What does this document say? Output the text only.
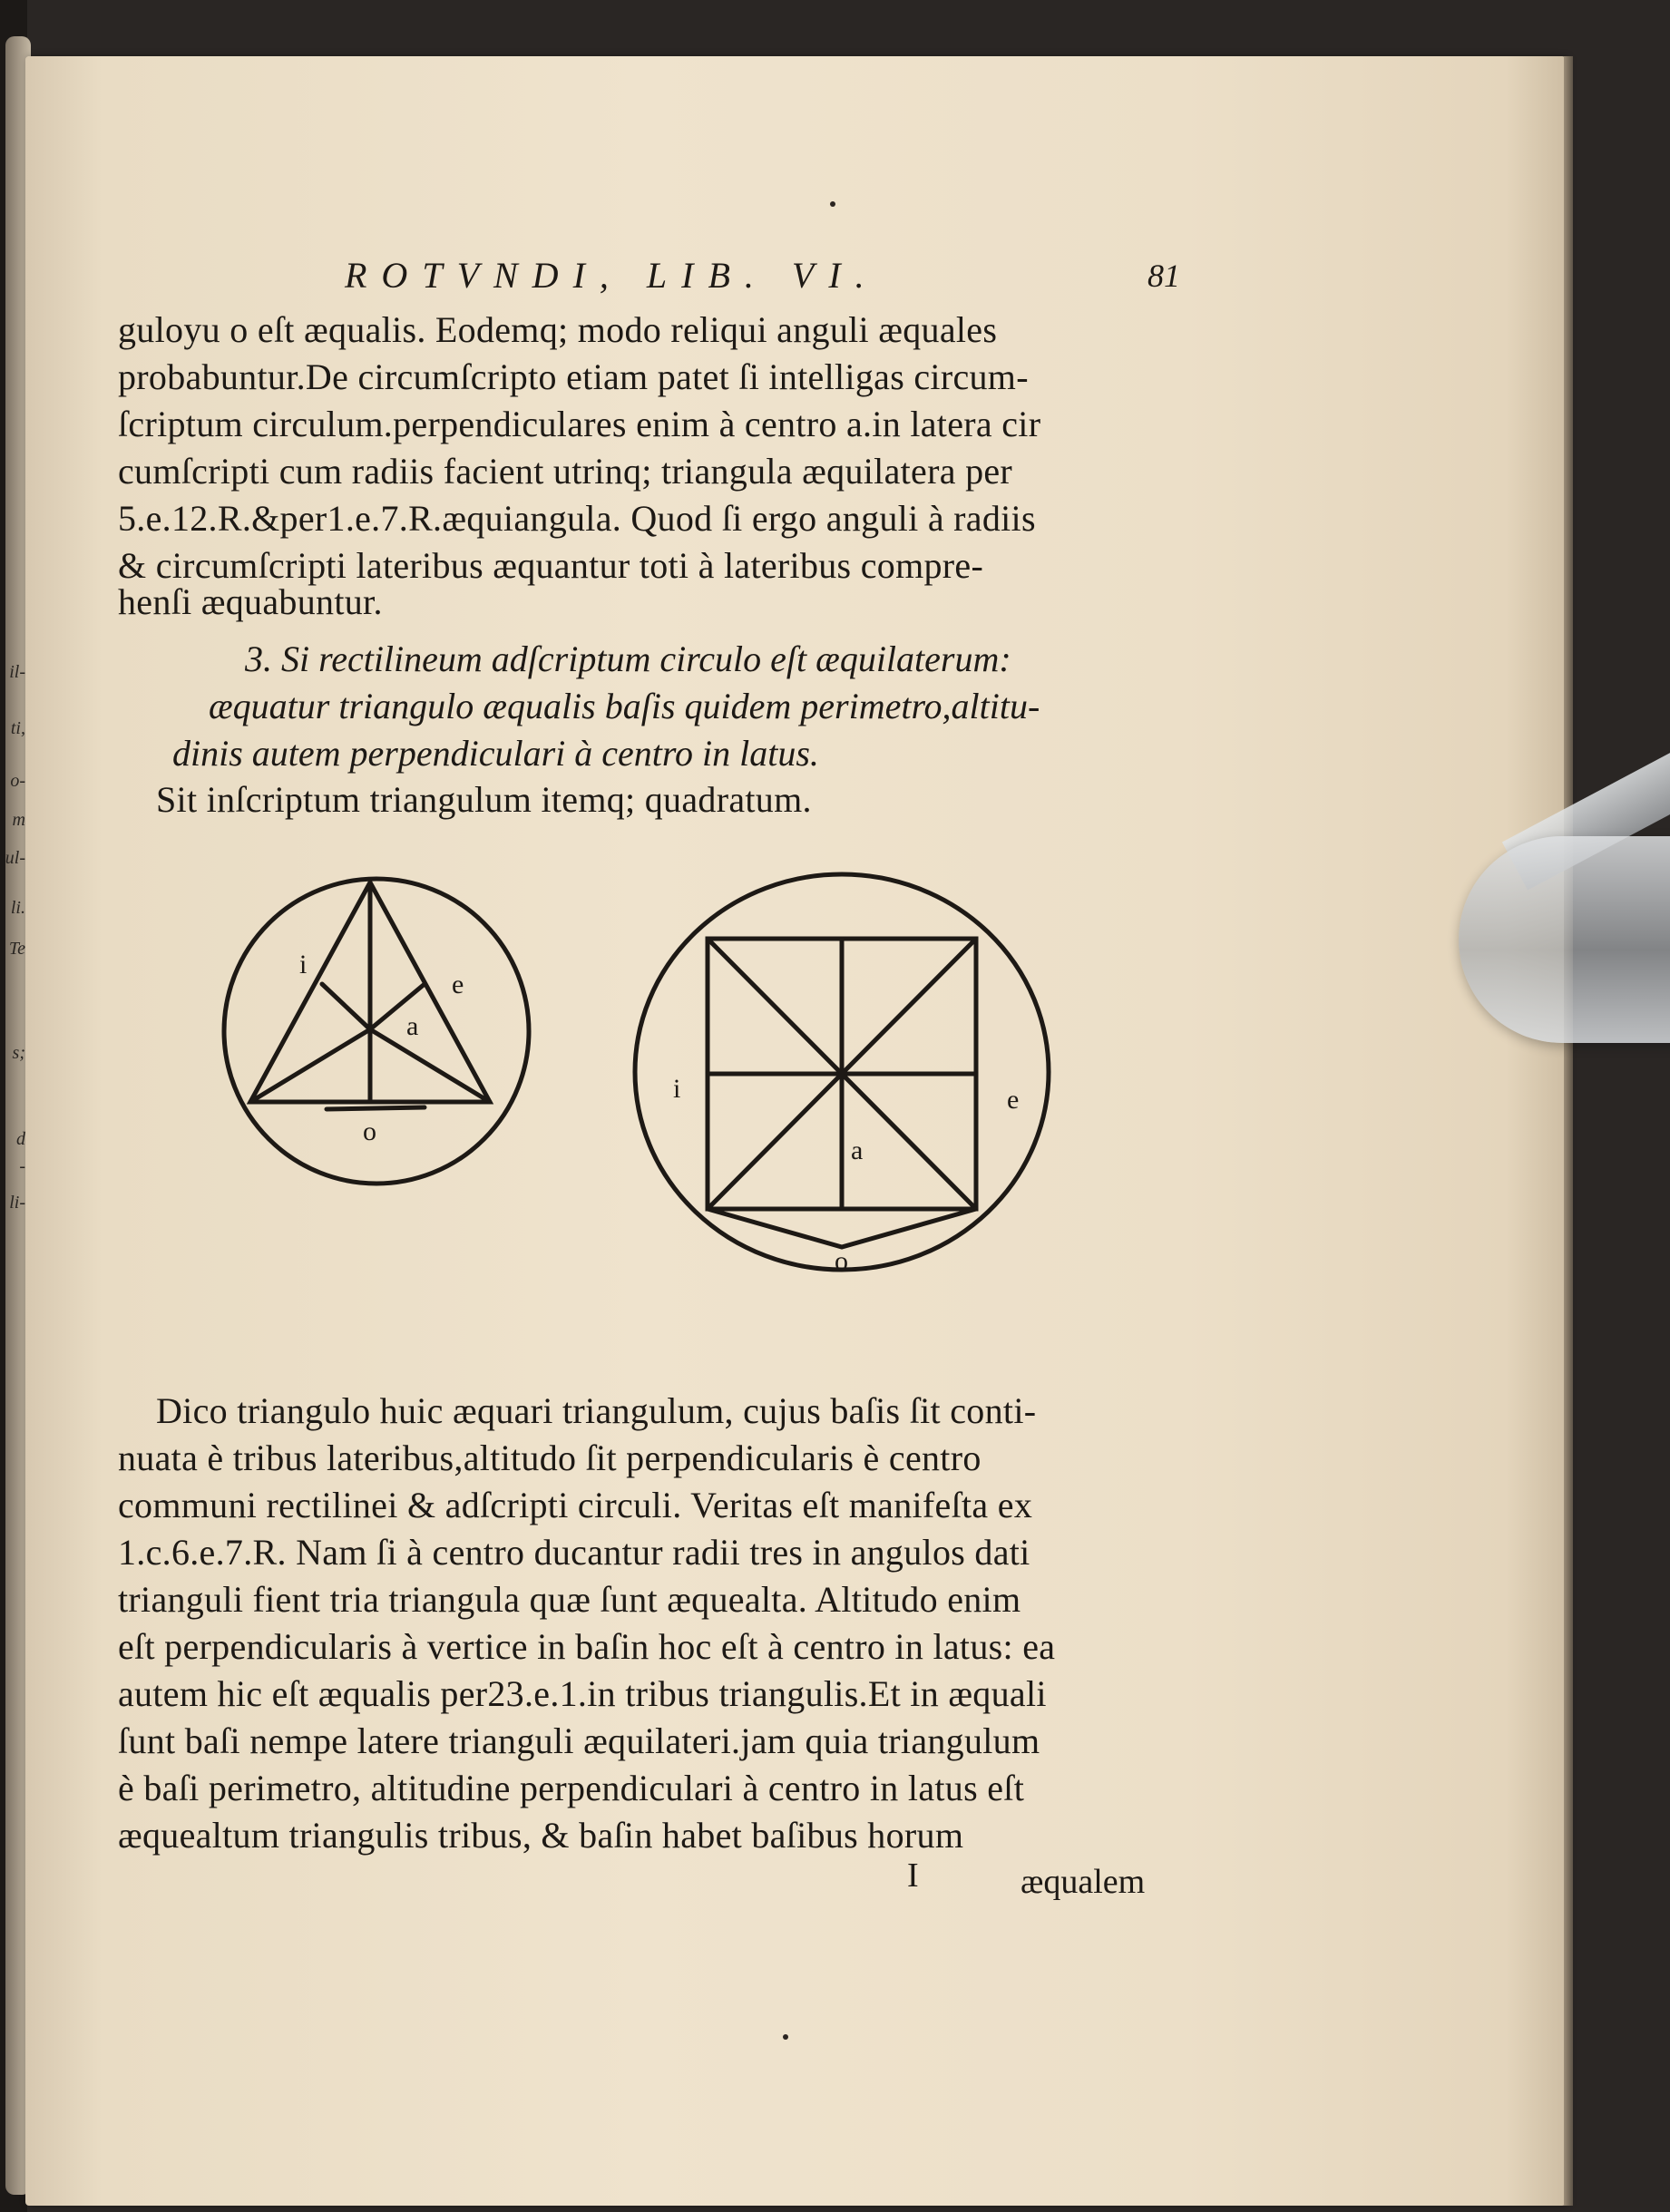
il-
ti,
o-
m
ul-
li.
Te
s;
d
-
li-
ROTVNDI, LIB. VI.	81
guloyu o eſt æqualis. Eodemq; modo reliqui anguli æquales
probabuntur.De circumſcripto etiam patet ſi intelligas circum-
ſcriptum circulum.perpendiculares enim à centro a.in latera cir
cumſcripti cum radiis facient utrinq; triangula æquilatera per
5.e.12.R.&per1.e.7.R.æquiangula. Quod ſi ergo anguli à radiis
& circumſcripti lateribus æquantur toti à lateribus compre-
henſi æquabuntur.
3. Si rectilineum adſcriptum circulo eſt æquilaterum:
æquatur triangulo æqualis baſis quidem perimetro,altitu-
dinis autem perpendiculari à centro in latus.
Sit inſcriptum triangulum itemq; quadratum.
i
e
a
o
i	e
a
o
Dico triangulo huic æquari triangulum, cujus baſis ſit conti-
nuata è tribus lateribus,altitudo ſit perpendicularis è centro
communi rectilinei & adſcripti circuli. Veritas eſt manifeſta ex
1.c.6.e.7.R. Nam ſi à centro ducantur radii tres in angulos dati
trianguli fient tria triangula quæ ſunt æquealta. Altitudo enim
eſt perpendicularis à vertice in baſin hoc eſt à centro in latus: ea
autem hic eſt æqualis per23.e.1.in tribus triangulis.Et in æquali
ſunt baſi nempe latere trianguli æquilateri.jam quia triangulum
è baſi perimetro, altitudine perpendiculari à centro in latus eſt
æquealtum triangulis tribus, & baſin habet baſibus horum
I	æqualem
